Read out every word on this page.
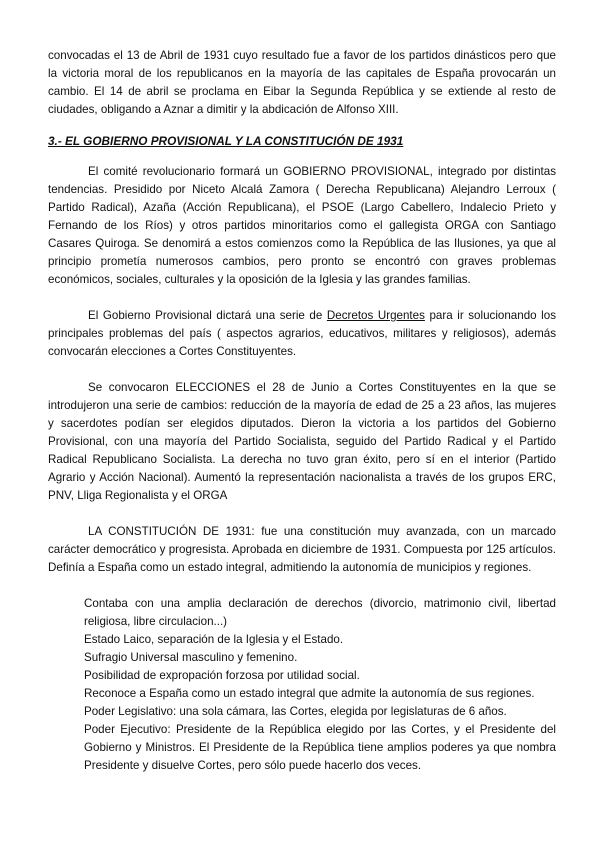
convocadas el 13 de Abril de 1931 cuyo resultado fue a favor de los partidos dinásticos pero que la victoria moral de los republicanos en la mayoría de las capitales de España provocarán un cambio. El 14 de abril se proclama en Eibar la Segunda República y se extiende al resto de ciudades, obligando a Aznar a dimitir y la abdicación de Alfonso XIII.

3.- EL GOBIERNO PROVISIONAL Y LA CONSTITUCIÓN DE 1931

El comité revolucionario formará un GOBIERNO PROVISIONAL, integrado por distintas tendencias. Presidido por Niceto Alcalá Zamora ( Derecha Republicana) Alejandro Lerroux ( Partido Radical), Azaña (Acción Republicana), el PSOE (Largo Cabellero, Indalecio Prieto y Fernando de los Ríos) y otros partidos minoritarios como el gallegista ORGA con Santiago Casares Quiroga. Se denomirá a estos comienzos como la República de las Ilusiones, ya que al principio prometía numerosos cambios, pero pronto se encontró con graves problemas económicos, sociales, culturales y la oposición de la Iglesia y las grandes familias.

El Gobierno Provisional dictará una serie de Decretos Urgentes para ir solucionando los principales problemas del país ( aspectos agrarios, educativos, militares y religiosos), además convocarán elecciones a Cortes Constituyentes.

Se convocaron ELECCIONES el 28 de Junio a Cortes Constituyentes en la que se introdujeron una serie de cambios: reducción de la mayoría de edad de 25 a 23 años, las mujeres y sacerdotes podían ser elegidos diputados. Dieron la victoria a los partidos del Gobierno Provisional, con una mayoría del Partido Socialista, seguido del Partido Radical y el Partido Radical Republicano Socialista. La derecha no tuvo gran éxito, pero sí en el interior (Partido Agrario y Acción Nacional). Aumentó la representación nacionalista a través de los grupos ERC, PNV, Lliga Regionalista y el ORGA

LA CONSTITUCIÓN DE 1931: fue una constitución muy avanzada, con un marcado carácter democrático y progresista. Aprobada en diciembre de 1931. Compuesta por 125 artículos. Definía a España como un estado integral, admitiendo la autonomía de municipios y regiones.

Contaba con una amplia declaración de derechos (divorcio, matrimonio civil, libertad religiosa, libre circulacion...)
Estado Laico, separación de la Iglesia y el Estado.
Sufragio Universal masculino y femenino.
Posibilidad de expropación forzosa por utilidad social.
Reconoce a España como un estado integral que admite la autonomía de sus regiones.
Poder Legislativo: una sola cámara, las Cortes, elegida por legislaturas de 6 años.
Poder Ejecutivo: Presidente de la República elegido por las Cortes, y el Presidente del Gobierno y Ministros. El Presidente de la República tiene amplios poderes ya que nombra Presidente y disuelve Cortes, pero sólo puede hacerlo dos veces.
